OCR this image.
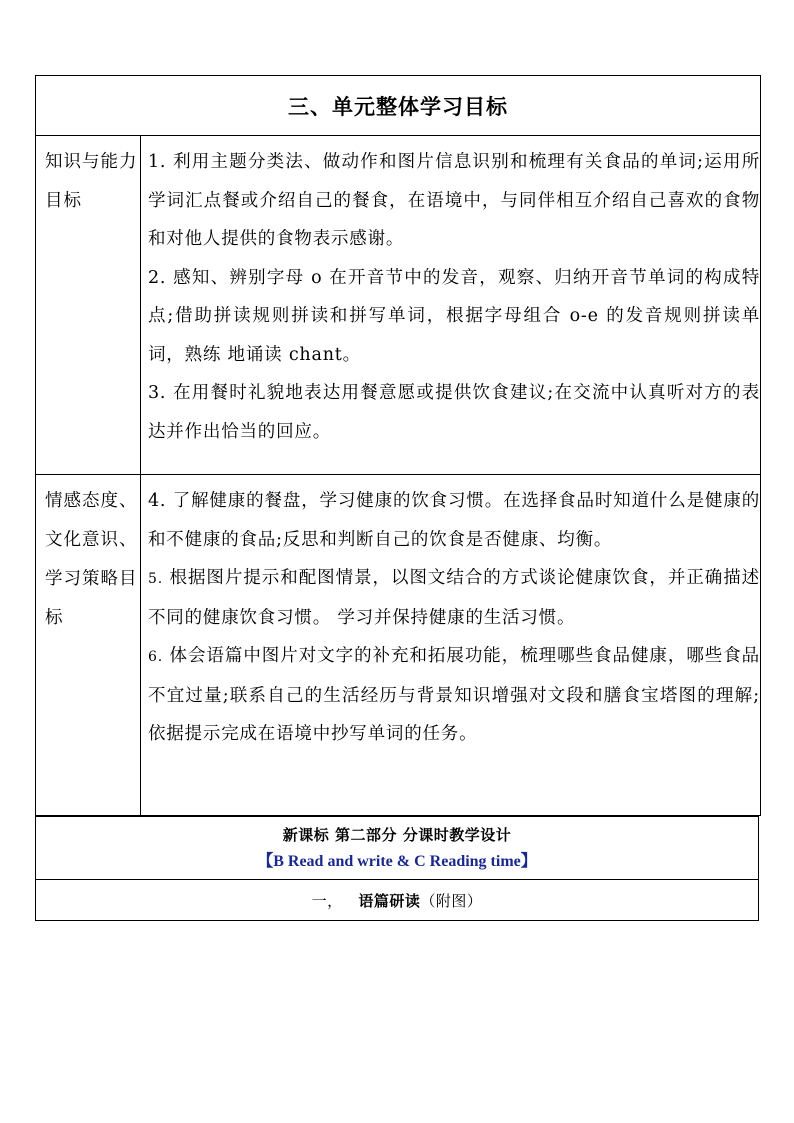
三、单元整体学习目标	
知识与能力目标	1. 利用主题分类法、做动作和图片信息识别和梳理有关食品的单词;运用所学词汇点餐或介绍自己的餐食，在语境中，与同伴相互介绍自己喜欢的食物和对他人提供的食物表示感谢。

2. 感知、辨别字母 o 在开音节中的发音，观察、归纳开音节单词的构成特点;借助拼读规则拼读和拼写单词，根据字母组合 o-e 的发音规则拼读单词，熟练 地诵读 chant。

3. 在用餐时礼貌地表达用餐意愿或提供饮食建议;在交流中认真听对方的表达并作出恰当的回应。

情感态度、文化意识、学习策略目标	4. 了解健康的餐盘，学习健康的饮食习惯。在选择食品时知道什么是健康的和不健康的食品;反思和判断自己的饮食是否健康、均衡。

5. 根据图片提示和配图情景，以图文结合的方式谈论健康饮食，并正确描述不同的健康饮食习惯。 学习并保持健康的生活习惯。

6. 体会语篇中图片对文字的补充和拓展功能，梳理哪些食品健康，哪些食品不宜过量;联系自己的生活经历与背景知识增强对文段和膳食宝塔图的理解;依据提示完成在语境中抄写单词的任务。

新课标 第二部分 分课时教学设计
【B Read and write & C Reading time】

一， 语篇研读（附图）
